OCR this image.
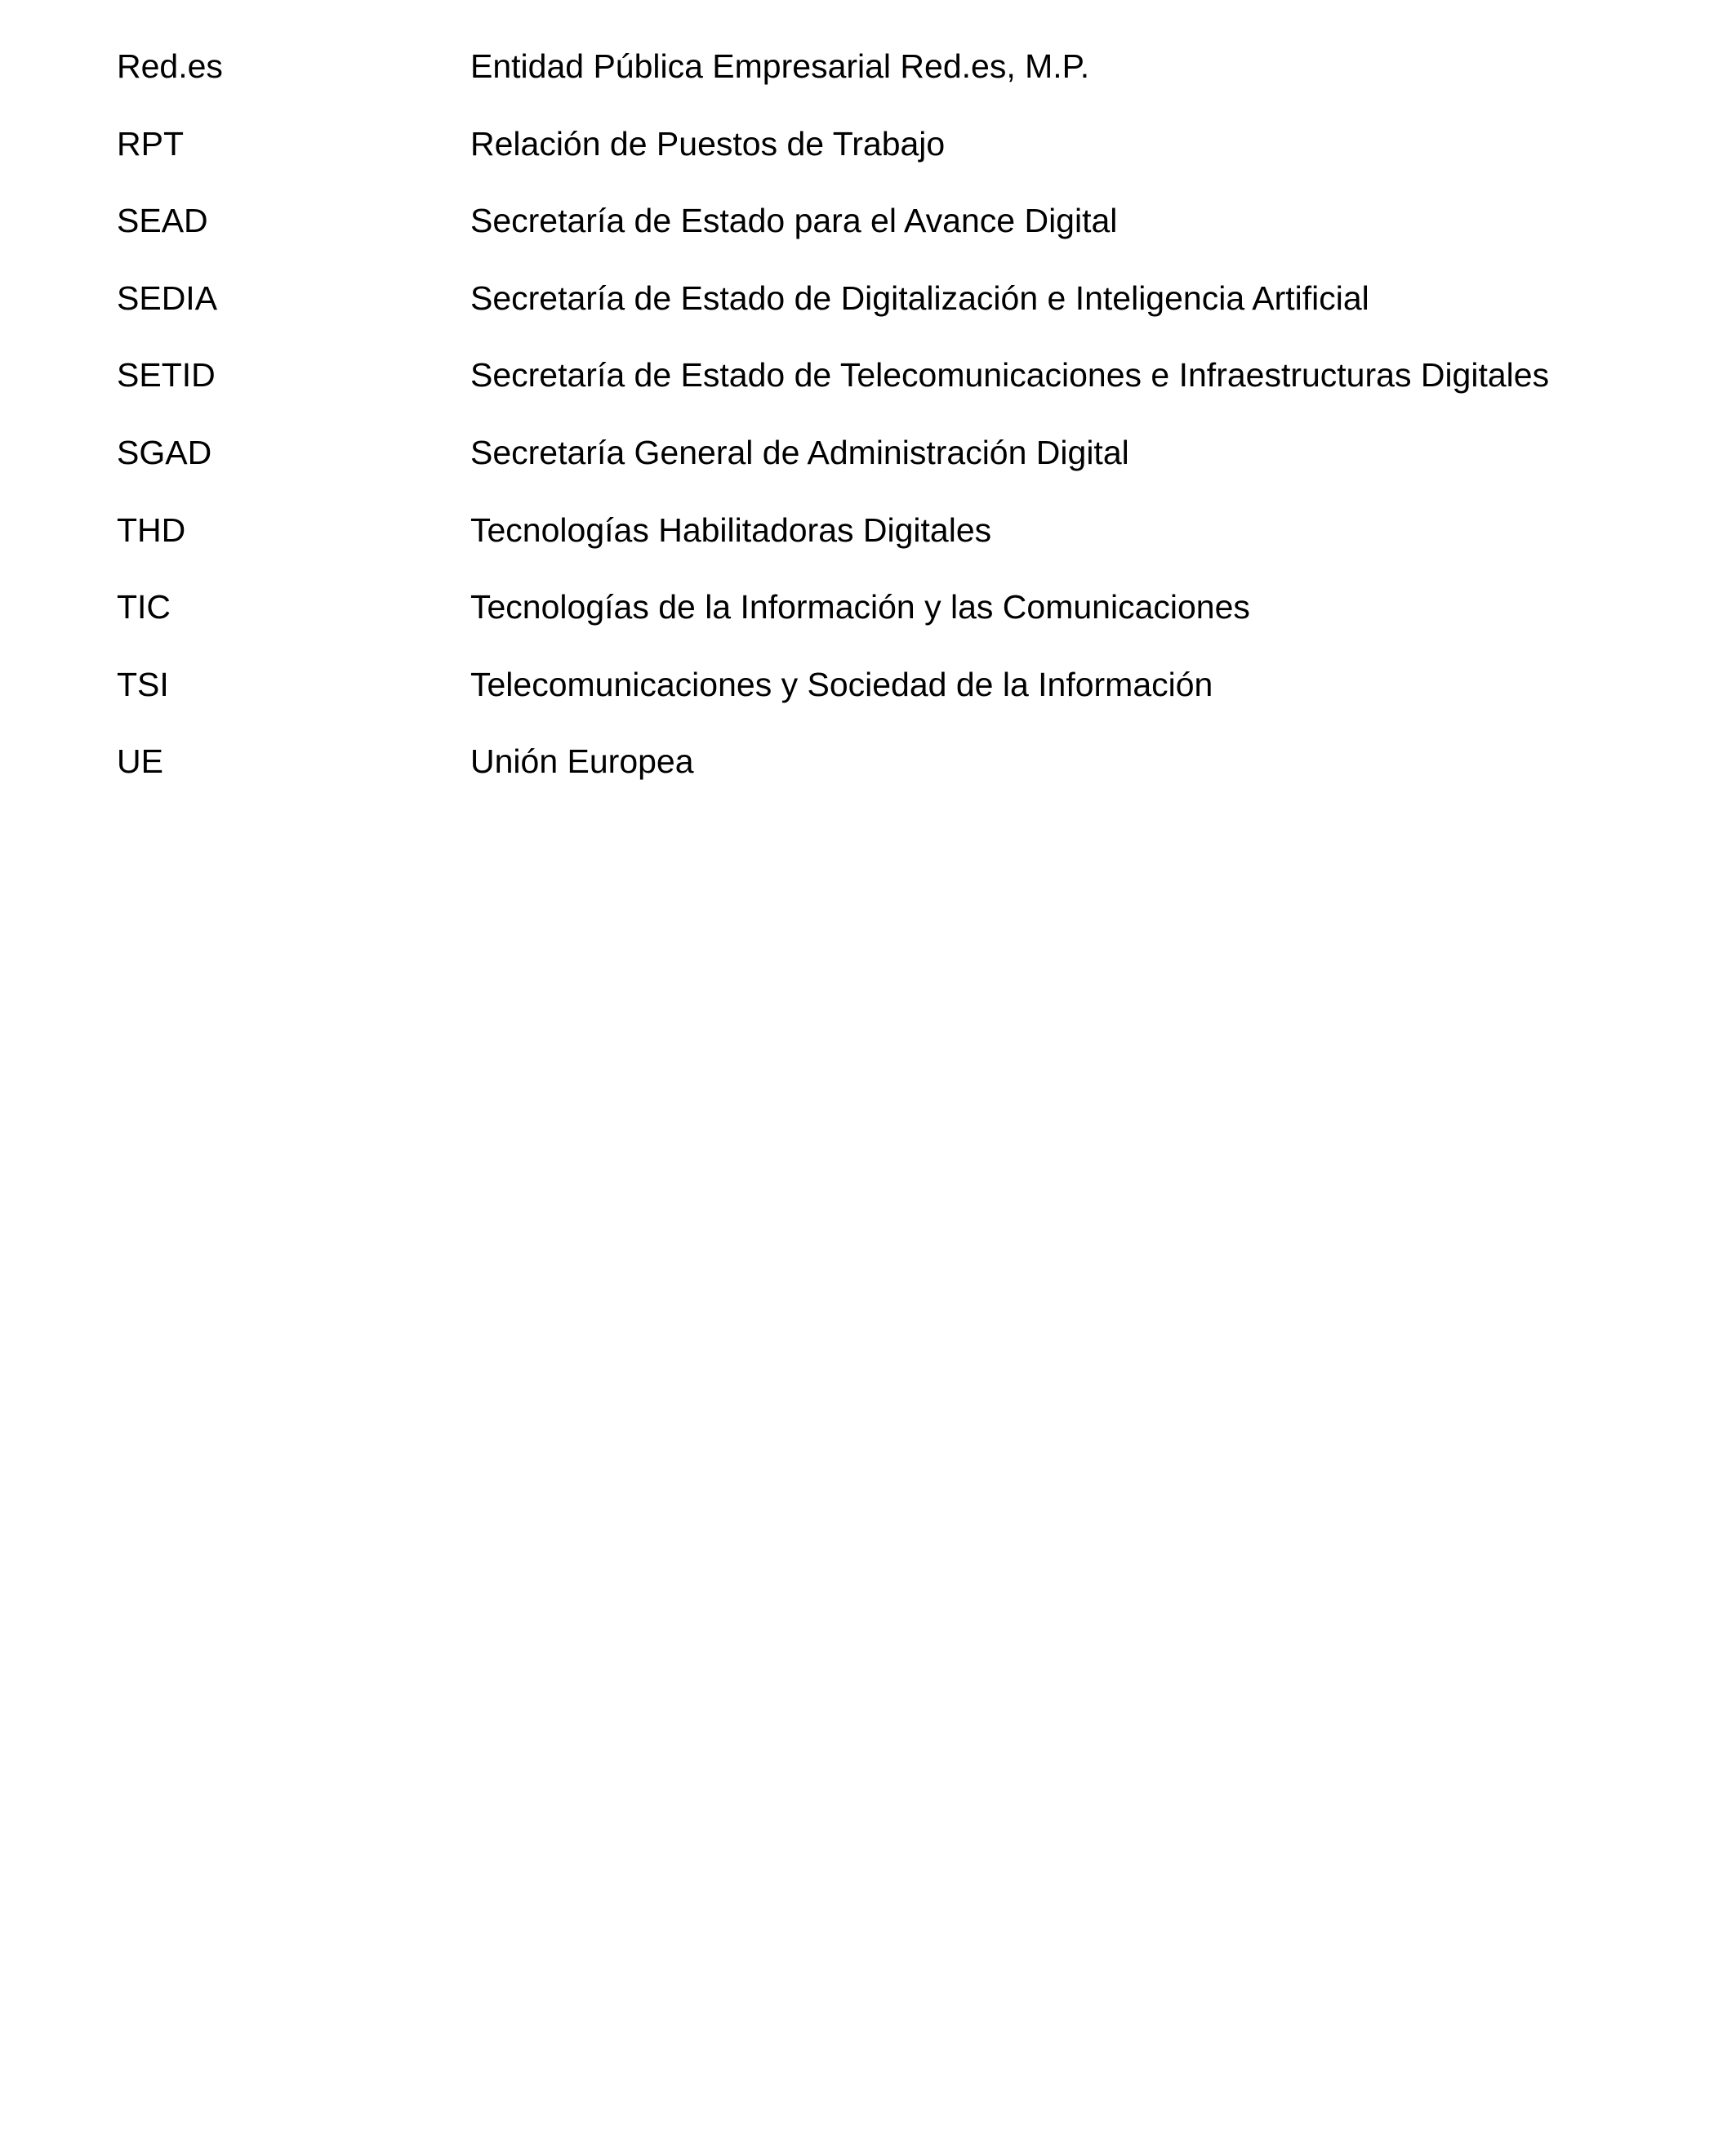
Red.es	Entidad Pública Empresarial Red.es, M.P.
RPT	Relación de Puestos de Trabajo
SEAD	Secretaría de Estado para el Avance Digital
SEDIA	Secretaría de Estado de Digitalización e Inteligencia Artificial
SETID	Secretaría de Estado de Telecomunicaciones e Infraestructuras Digitales
SGAD	Secretaría General de Administración Digital
THD	Tecnologías Habilitadoras Digitales
TIC	Tecnologías de la Información y las Comunicaciones
TSI	Telecomunicaciones y Sociedad de la Información
UE	Unión Europea
